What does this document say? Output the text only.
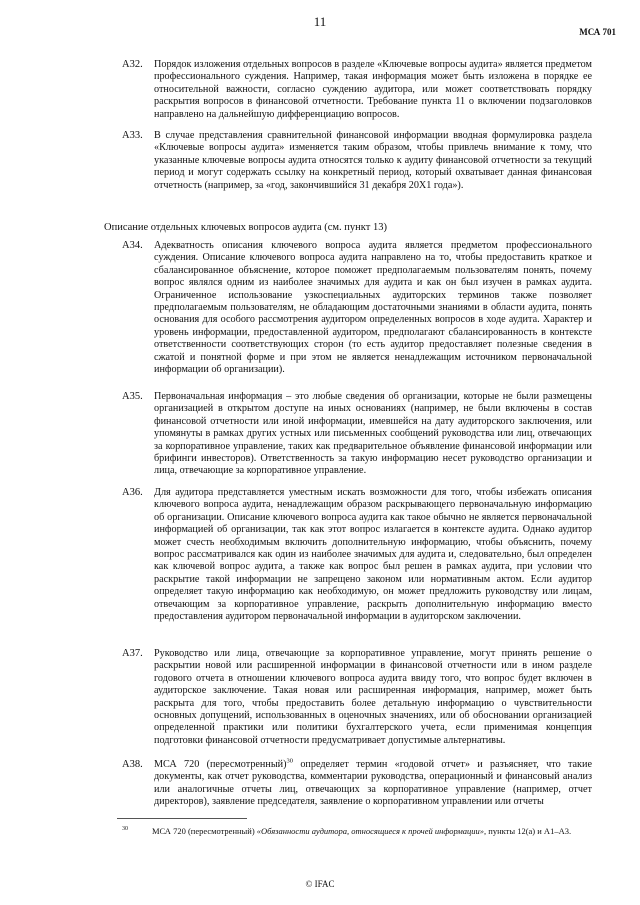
11
МСА 701
A32. Порядок изложения отдельных вопросов в разделе «Ключевые вопросы аудита» является предметом профессионального суждения. Например, такая информация может быть изложена в порядке ее относительной важности, согласно суждению аудитора, или может соответствовать порядку раскрытия вопросов в финансовой отчетности. Требование пункта 11 о включении подзаголовков направлено на дальнейшую дифференциацию вопросов.
A33. В случае представления сравнительной финансовой информации вводная формулировка раздела «Ключевые вопросы аудита» изменяется таким образом, чтобы привлечь внимание к тому, что указанные ключевые вопросы аудита относятся только к аудиту финансовой отчетности за текущий период и могут содержать ссылку на конкретный период, который охватывает данная финансовая отчетность (например, за «год, закончившийся 31 декабря 20Х1 года»).
Описание отдельных ключевых вопросов аудита (см. пункт 13)
A34. Адекватность описания ключевого вопроса аудита является предметом профессионального суждения. Описание ключевого вопроса аудита направлено на то, чтобы предоставить краткое и сбалансированное объяснение, которое поможет предполагаемым пользователям понять, почему вопрос являлся одним из наиболее значимых для аудита и как он был изучен в рамках аудита. Ограниченное использование узкоспециальных аудиторских терминов также позволяет предполагаемым пользователям, не обладающим достаточными знаниями в области аудита, понять основания для особого рассмотрения аудитором определенных вопросов в ходе аудита. Характер и уровень информации, предоставленной аудитором, предполагают сбалансированность в контексте ответственности соответствующих сторон (то есть аудитор предоставляет полезные сведения в сжатой и понятной форме и при этом не является ненадлежащим источником первоначальной информации об организации).
A35. Первоначальная информация – это любые сведения об организации, которые не были размещены организацией в открытом доступе на иных основаниях (например, не были включены в состав финансовой отчетности или иной информации, имевшейся на дату аудиторского заключения, или упомянуты в рамках других устных или письменных сообщений руководства или лиц, отвечающих за корпоративное управление, таких как предварительное объявление финансовой информации или брифинги инвесторов). Ответственность за такую информацию несет руководство организации и лица, отвечающие за корпоративное управление.
A36. Для аудитора представляется уместным искать возможности для того, чтобы избежать описания ключевого вопроса аудита, ненадлежащим образом раскрывающего первоначальную информацию об организации. Описание ключевого вопроса аудита как такое обычно не является первоначальной информацией об организации, так как этот вопрос излагается в контексте аудита. Однако аудитор может счесть необходимым включить дополнительную информацию, чтобы объяснить, почему вопрос рассматривался как один из наиболее значимых для аудита и, следовательно, был определен как ключевой вопрос аудита, а также как вопрос был решен в рамках аудита, при условии что раскрытие такой информации не запрещено законом или нормативным актом. Если аудитор определяет такую информацию как необходимую, он может предложить руководству или лицам, отвечающим за корпоративное управление, раскрыть дополнительную информацию вместо предоставления аудитором первоначальной информации в аудиторском заключении.
A37. Руководство или лица, отвечающие за корпоративное управление, могут принять решение о раскрытии новой или расширенной информации в финансовой отчетности или в ином разделе годового отчета в отношении ключевого вопроса аудита ввиду того, что вопрос будет включен в аудиторское заключение. Такая новая или расширенная информация, например, может быть раскрыта для того, чтобы предоставить более детальную информацию о чувствительности основных допущений, использованных в оценочных значениях, или об обосновании организацией определенной практики или политики бухгалтерского учета, если применимая концепция подготовки финансовой отчетности предусматривает допустимые альтернативы.
A38. МСА 720 (пересмотренный)$^{30}$ определяет термин «годовой отчет» и разъясняет, что такие документы, как отчет руководства, комментарии руководства, операционный и финансовый анализ или аналогичные отчеты лиц, отвечающих за корпоративное управление (например, отчет директоров), заявление председателя, заявление о корпоративном управлении или отчеты
30	МСА 720 (пересмотренный) «Обязанности аудитора, относящиеся к прочей информации», пункты 12(a) и A1–A3.
© IFAC
